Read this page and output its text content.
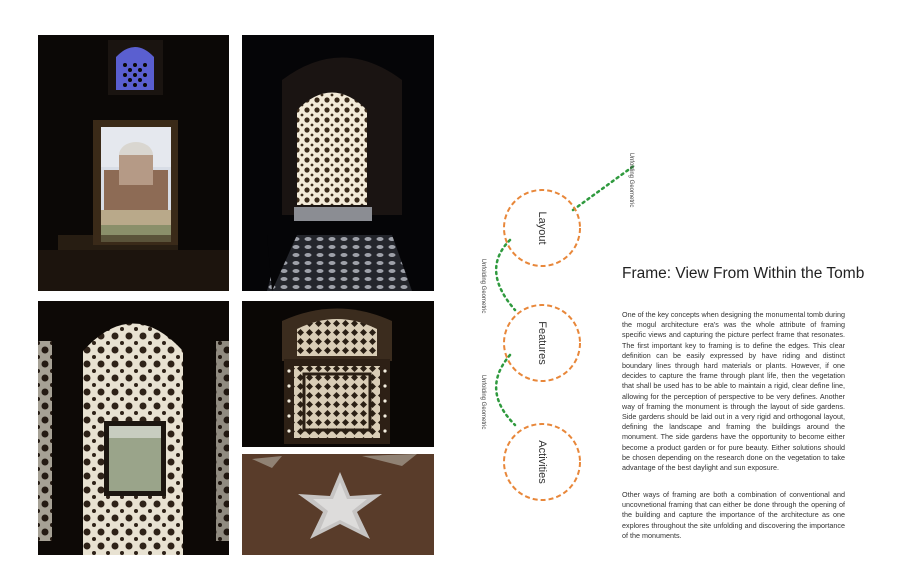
Layout
Features
Activities
Unfolding Geometric
Unfolding Geometric
Unfolding Geometric
Frame: View From Within the Tomb

One of the key concepts when designing the monumental tomb during the mogul architecture era's was the whole attribute of framing specific views and capturing the picture perfect frame that resonates. The first important key to framing is to define the edges. This clear definition can be easily expressed by have riding and distinct boundary lines through hard materials or plants. However, if one decides to capture the frame through plant life, then the vegetation that shall be used has to be able to maintain a rigid, clear define line, allowing for the perception of perspective to be very defines. Another way of framing the monument is through the layout of side gardens. Side gardens should be laid out in a very rigid and orthogonal layout, defining the landscape and framing the buildings around the monument. The side gardens have the opportunity to become either become a product garden or for pure beauty. Either solutions should be chosen depending on the research done on the vegetation to take advantage of the best daylight and sun exposure.

Other ways of framing are both a combination of conventional and uncovnetional framing that can either be done through the opening of the building and capture the importance of the architecture as one explores throughout the site unfolding and discovering the importance of the monuments.
